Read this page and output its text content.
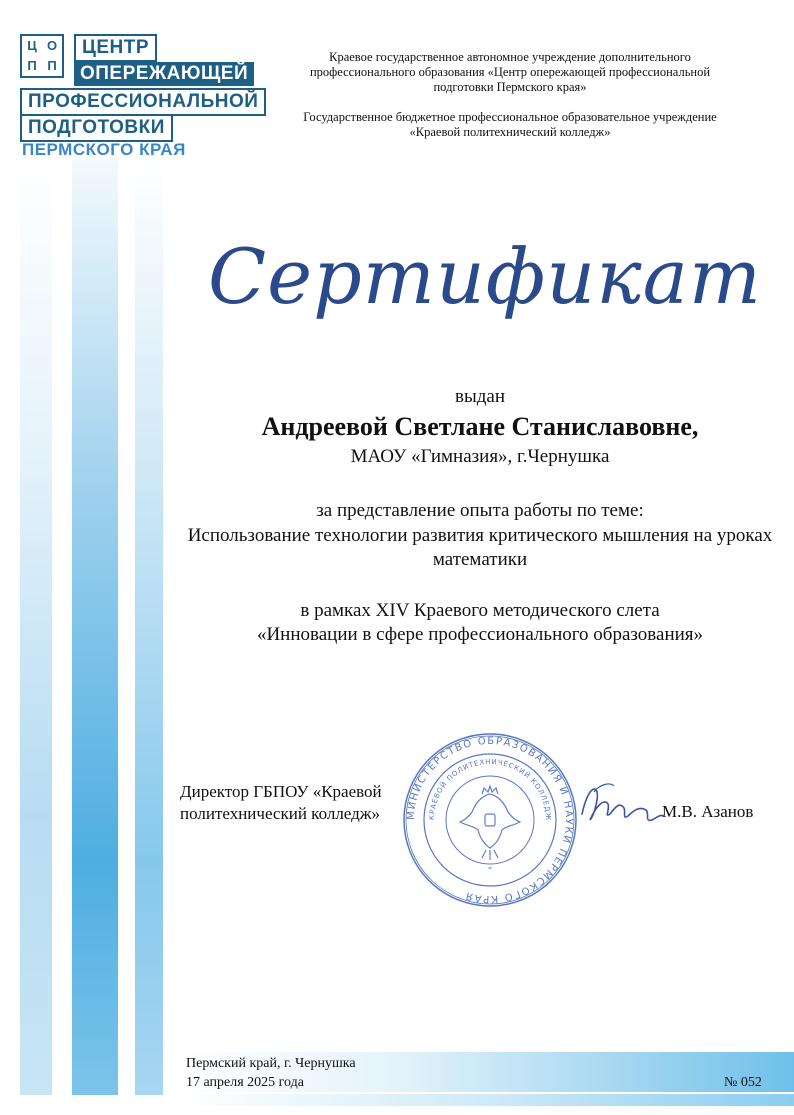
Ц О
П П
ЦЕНТР
ОПЕРЕЖАЮЩЕЙ
ПРОФЕССИОНАЛЬНОЙ
ПОДГОТОВКИ
ПЕРМСКОГО КРАЯ
Краевое государственное автономное учреждение дополнительного профессионального образования «Центр опережающей профессиональной подготовки Пермского края»
Государственное бюджетное профессиональное образовательное учреждение «Краевой политехнический колледж»
Сертификат
выдан
Андреевой Светлане Станиславовне,
МАОУ «Гимназия», г.Чернушка
за представление опыта работы по теме:
Использование технологии развития критического мышления на уроках математики
в рамках XIV Краевого методического слета
«Инновации в сфере профессионального образования»
Директор ГБПОУ «Краевой
политехнический колледж»	М.В. Азанов
МИНИСТЕРСТВО ОБРАЗОВАНИЯ И НАУКИ ПЕРМСКОГО КРАЯ
КРАЕВОЙ ПОЛИТЕХНИЧЕСКИЙ КОЛЛЕДЖ
*
Пермский край, г. Чернушка
17 апреля 2025 года	№ 052
